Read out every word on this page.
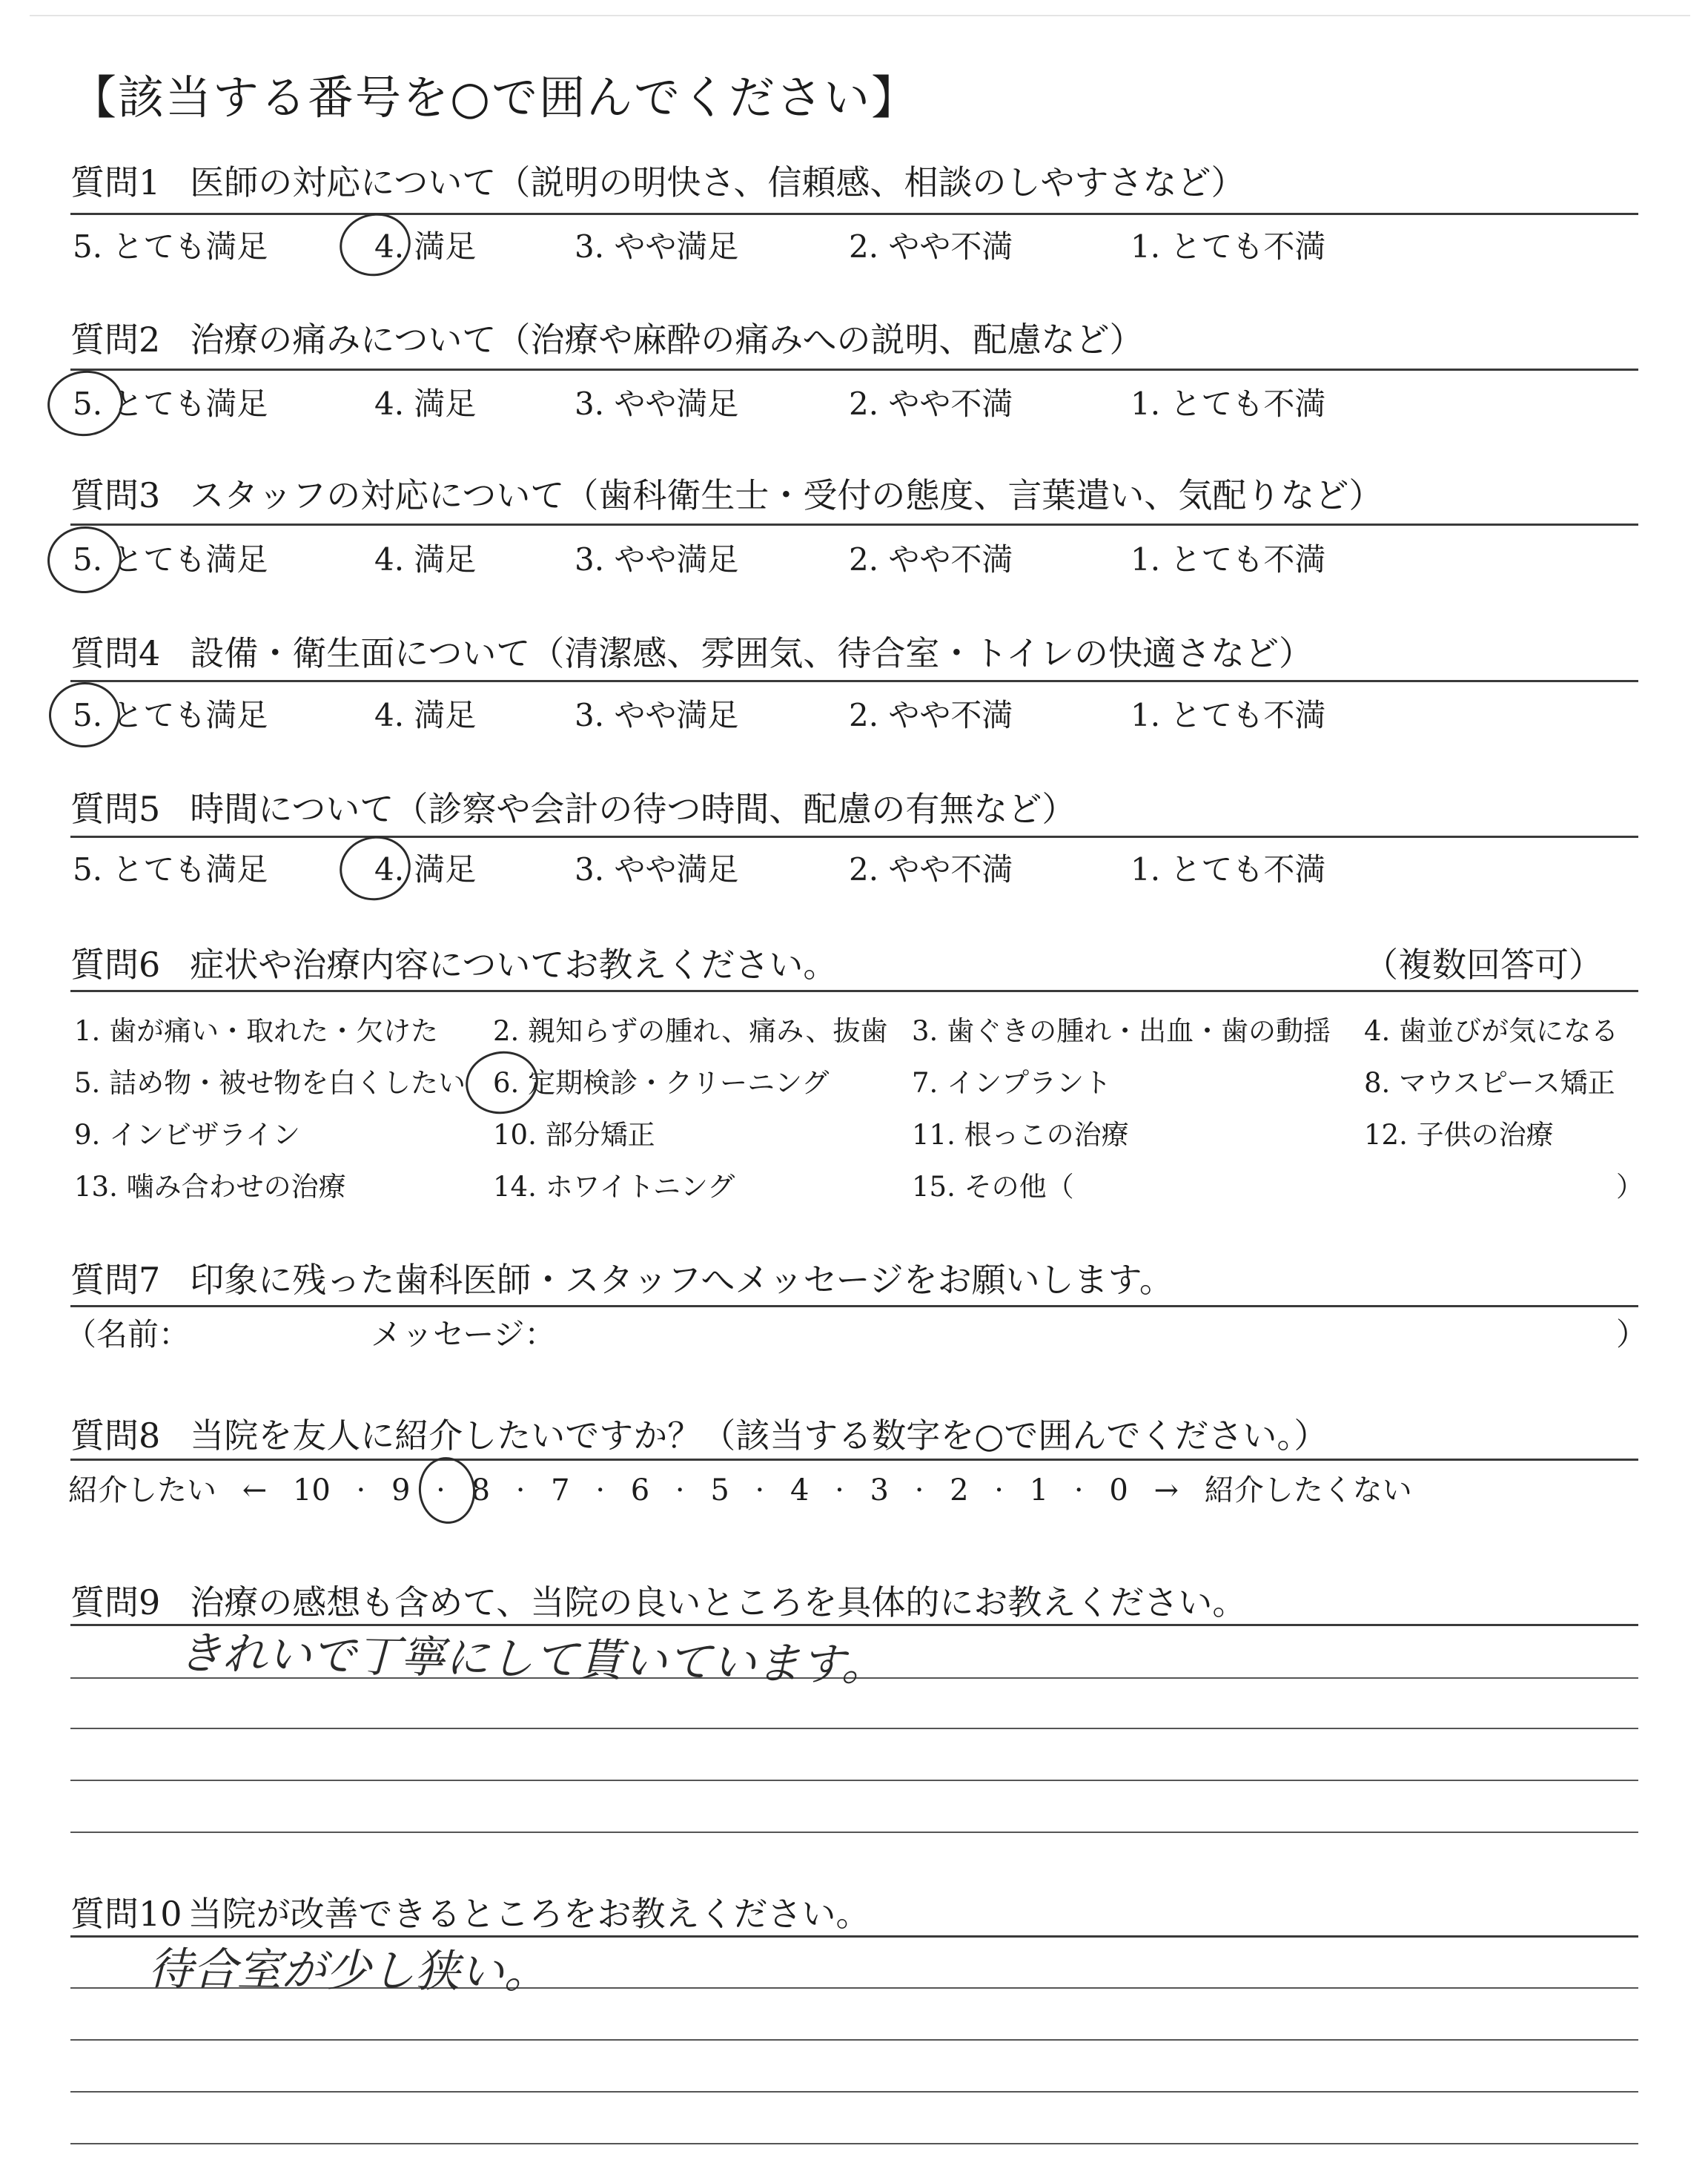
【該当する番号を○で囲んでください】
質問1 医師の対応について（説明の明快さ、信頼感、相談のしやすさなど）
5. とても満足	4. 満足	3. やや満足	2. やや不満	1. とても不満
質問2 治療の痛みについて（治療や麻酔の痛みへの説明、配慮など）
5. とても満足	4. 満足	3. やや満足	2. やや不満	1. とても不満
質問3 スタッフの対応について（歯科衛生士・受付の態度、言葉遣い、気配りなど）
5. とても満足	4. 満足	3. やや満足	2. やや不満	1. とても不満
質問4 設備・衛生面について（清潔感、雰囲気、待合室・トイレの快適さなど）
5. とても満足	4. 満足	3. やや満足	2. やや不満	1. とても不満
質問5 時間について（診察や会計の待つ時間、配慮の有無など）
5. とても満足	4. 満足	3. やや満足	2. やや不満	1. とても不満
質問6 症状や治療内容についてお教えください。	（複数回答可）
1. 歯が痛い・取れた・欠けた 2. 親知らずの腫れ、痛み、抜歯 3. 歯ぐきの腫れ・出血・歯の動揺 4. 歯並びが気になる
5. 詰め物・被せ物を白くしたい 6. 定期検診・クリーニング	7. インプラント	8. マウスピース矯正
9. インビザライン	10. 部分矯正	11. 根っこの治療	12. 子供の治療
13. 噛み合わせの治療	14. ホワイトニング	15. その他（	）
質問7 印象に残った歯科医師・スタッフへメッセージをお願いします。
（名前：	メッセージ：	）
質問8 当院を友人に紹介したいですか？（該当する数字を○で囲んでください。）
紹介したい ← 10 · 9 · 8 · 7 · 6 · 5 · 4 · 3 · 2 · 1 · 0 → 紹介したくない
質問9 治療の感想も含めて、当院の良いところを具体的にお教えください。
きれいで丁寧にして貰いています。
質問10 当院が改善できるところをお教えください。
待合室が少し狭い。
